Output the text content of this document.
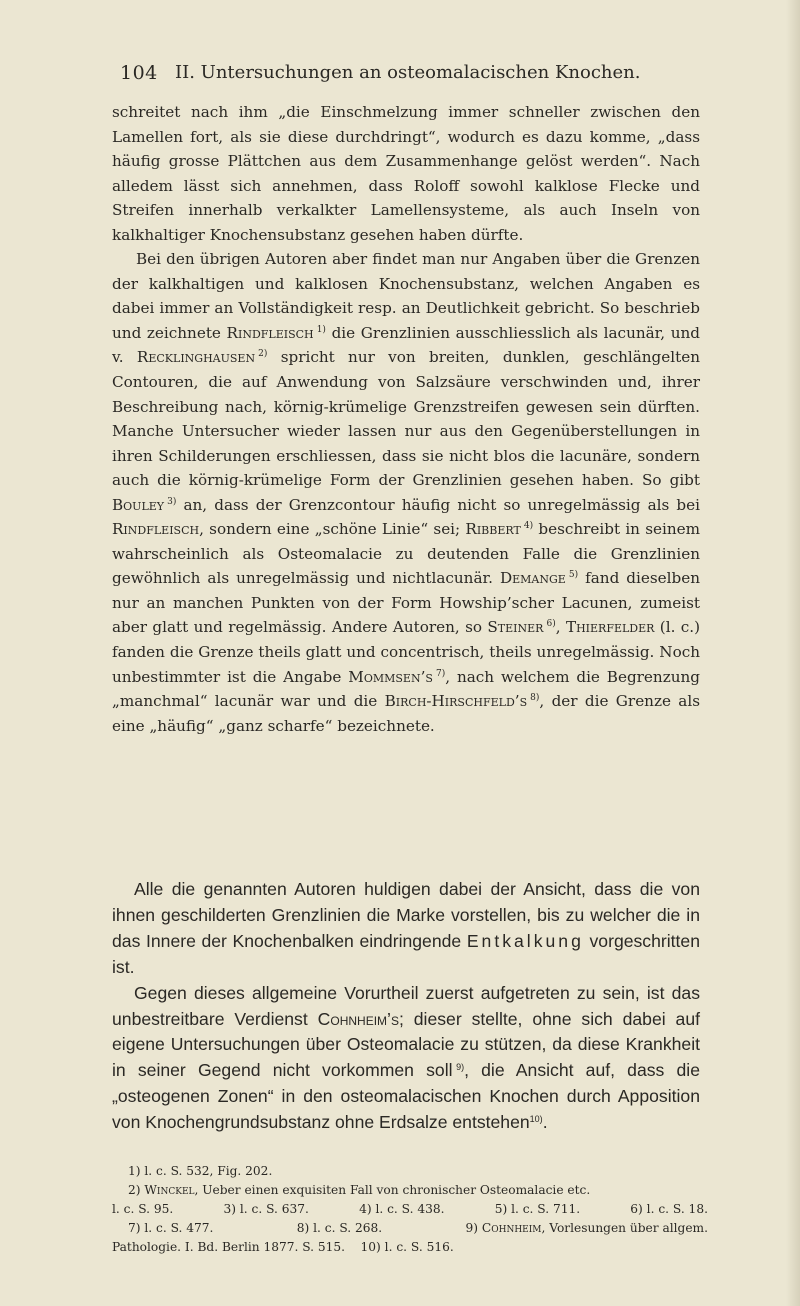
104 II. Untersuchungen an osteomalacischen Knochen.

schreitet nach ihm „die Einschmelzung immer schneller zwischen den Lamellen fort, als sie diese durchdringt“, wodurch es dazu komme, „dass häufig grosse Plättchen aus dem Zusammenhange gelöst werden“. Nach alledem lässt sich annehmen, dass Roloff sowohl kalklose Flecke und Streifen innerhalb verkalkter Lamellensysteme, als auch Inseln von kalkhaltiger Knochensubstanz gesehen haben dürfte.

Bei den übrigen Autoren aber findet man nur Angaben über die Grenzen der kalkhaltigen und kalklosen Knochensubstanz, welchen Angaben es dabei immer an Vollständigkeit resp. an Deutlichkeit gebricht. So beschrieb und zeichnete Rindfleisch  $^{1)}$ die Grenzlinien ausschliesslich als lacunär, und v. Recklinghausen  $^{2)}$ spricht nur von breiten, dunklen, geschlängelten Contouren, die auf Anwendung von Salzsäure verschwinden und, ihrer Beschreibung nach, körnig-krümelige Grenzstreifen gewesen sein dürften. Manche Untersucher wieder lassen nur aus den Gegenüberstellungen in ihren Schilderungen erschliessen, dass sie nicht blos die lacunäre, sondern auch die körnig-krümelige Form der Grenzlinien gesehen haben. So gibt Bouley  $^{3)}$ an, dass der Grenzcontour häufig nicht so unregelmässig als bei Rindfleisch, sondern eine „schöne Linie“ sei; Ribbert  $^{4)}$ beschreibt in seinem wahrscheinlich als Osteomalacie zu deutenden Falle die Grenzlinien gewöhnlich als unregelmässig und nichtlacunär. Demange  $^{5)}$ fand dieselben nur an manchen Punkten von der Form Howship’scher Lacunen, zumeist aber glatt und regelmässig. Andere Autoren, so Steiner  $^{6)}$, Thierfelder (l. c.) fanden die Grenze theils glatt und concentrisch, theils unregelmässig. Noch unbestimmter ist die Angabe Mommsen’s  $^{7)}$, nach welchem die Begrenzung „manchmal“ lacunär war und die Birch-Hirschfeld’s  $^{8)}$, der die Grenze als eine „häufig“ „ganz scharfe“ bezeichnete.

Alle die genannten Autoren huldigen dabei der Ansicht, dass die von ihnen geschilderten Grenzlinien die Marke vorstellen, bis zu welcher die in das Innere der Knochenbalken eindringende Entkalkung vorgeschritten ist.

Gegen dieses allgemeine Vorurtheil zuerst aufgetreten zu sein, ist das unbestreitbare Verdienst Cohnheim’s; dieser stellte, ohne sich dabei auf eigene Untersuchungen über Osteomalacie zu stützen, da diese Krankheit in seiner Gegend nicht vorkommen soll  $^{9)}$, die Ansicht auf, dass die „osteogenen Zonen“ in den osteomalacischen Knochen durch Apposition von Knochengrundsubstanz ohne Erdsalze entstehen$^{10)}$.

1) l. c. S. 532, Fig. 202.
2) Winckel, Ueber einen exquisiten Fall von chronischer Osteomalacie etc.
l. c. S. 95.	3) l. c. S. 637.	4) l. c. S. 438.	5) l. c. S. 711.	6) l. c. S. 18.
7) l. c. S. 477.	8) l. c. S. 268.	9) Cohnheim, Vorlesungen über allgem.
Pathologie. I. Bd. Berlin 1877. S. 515. 10) l. c. S. 516.
